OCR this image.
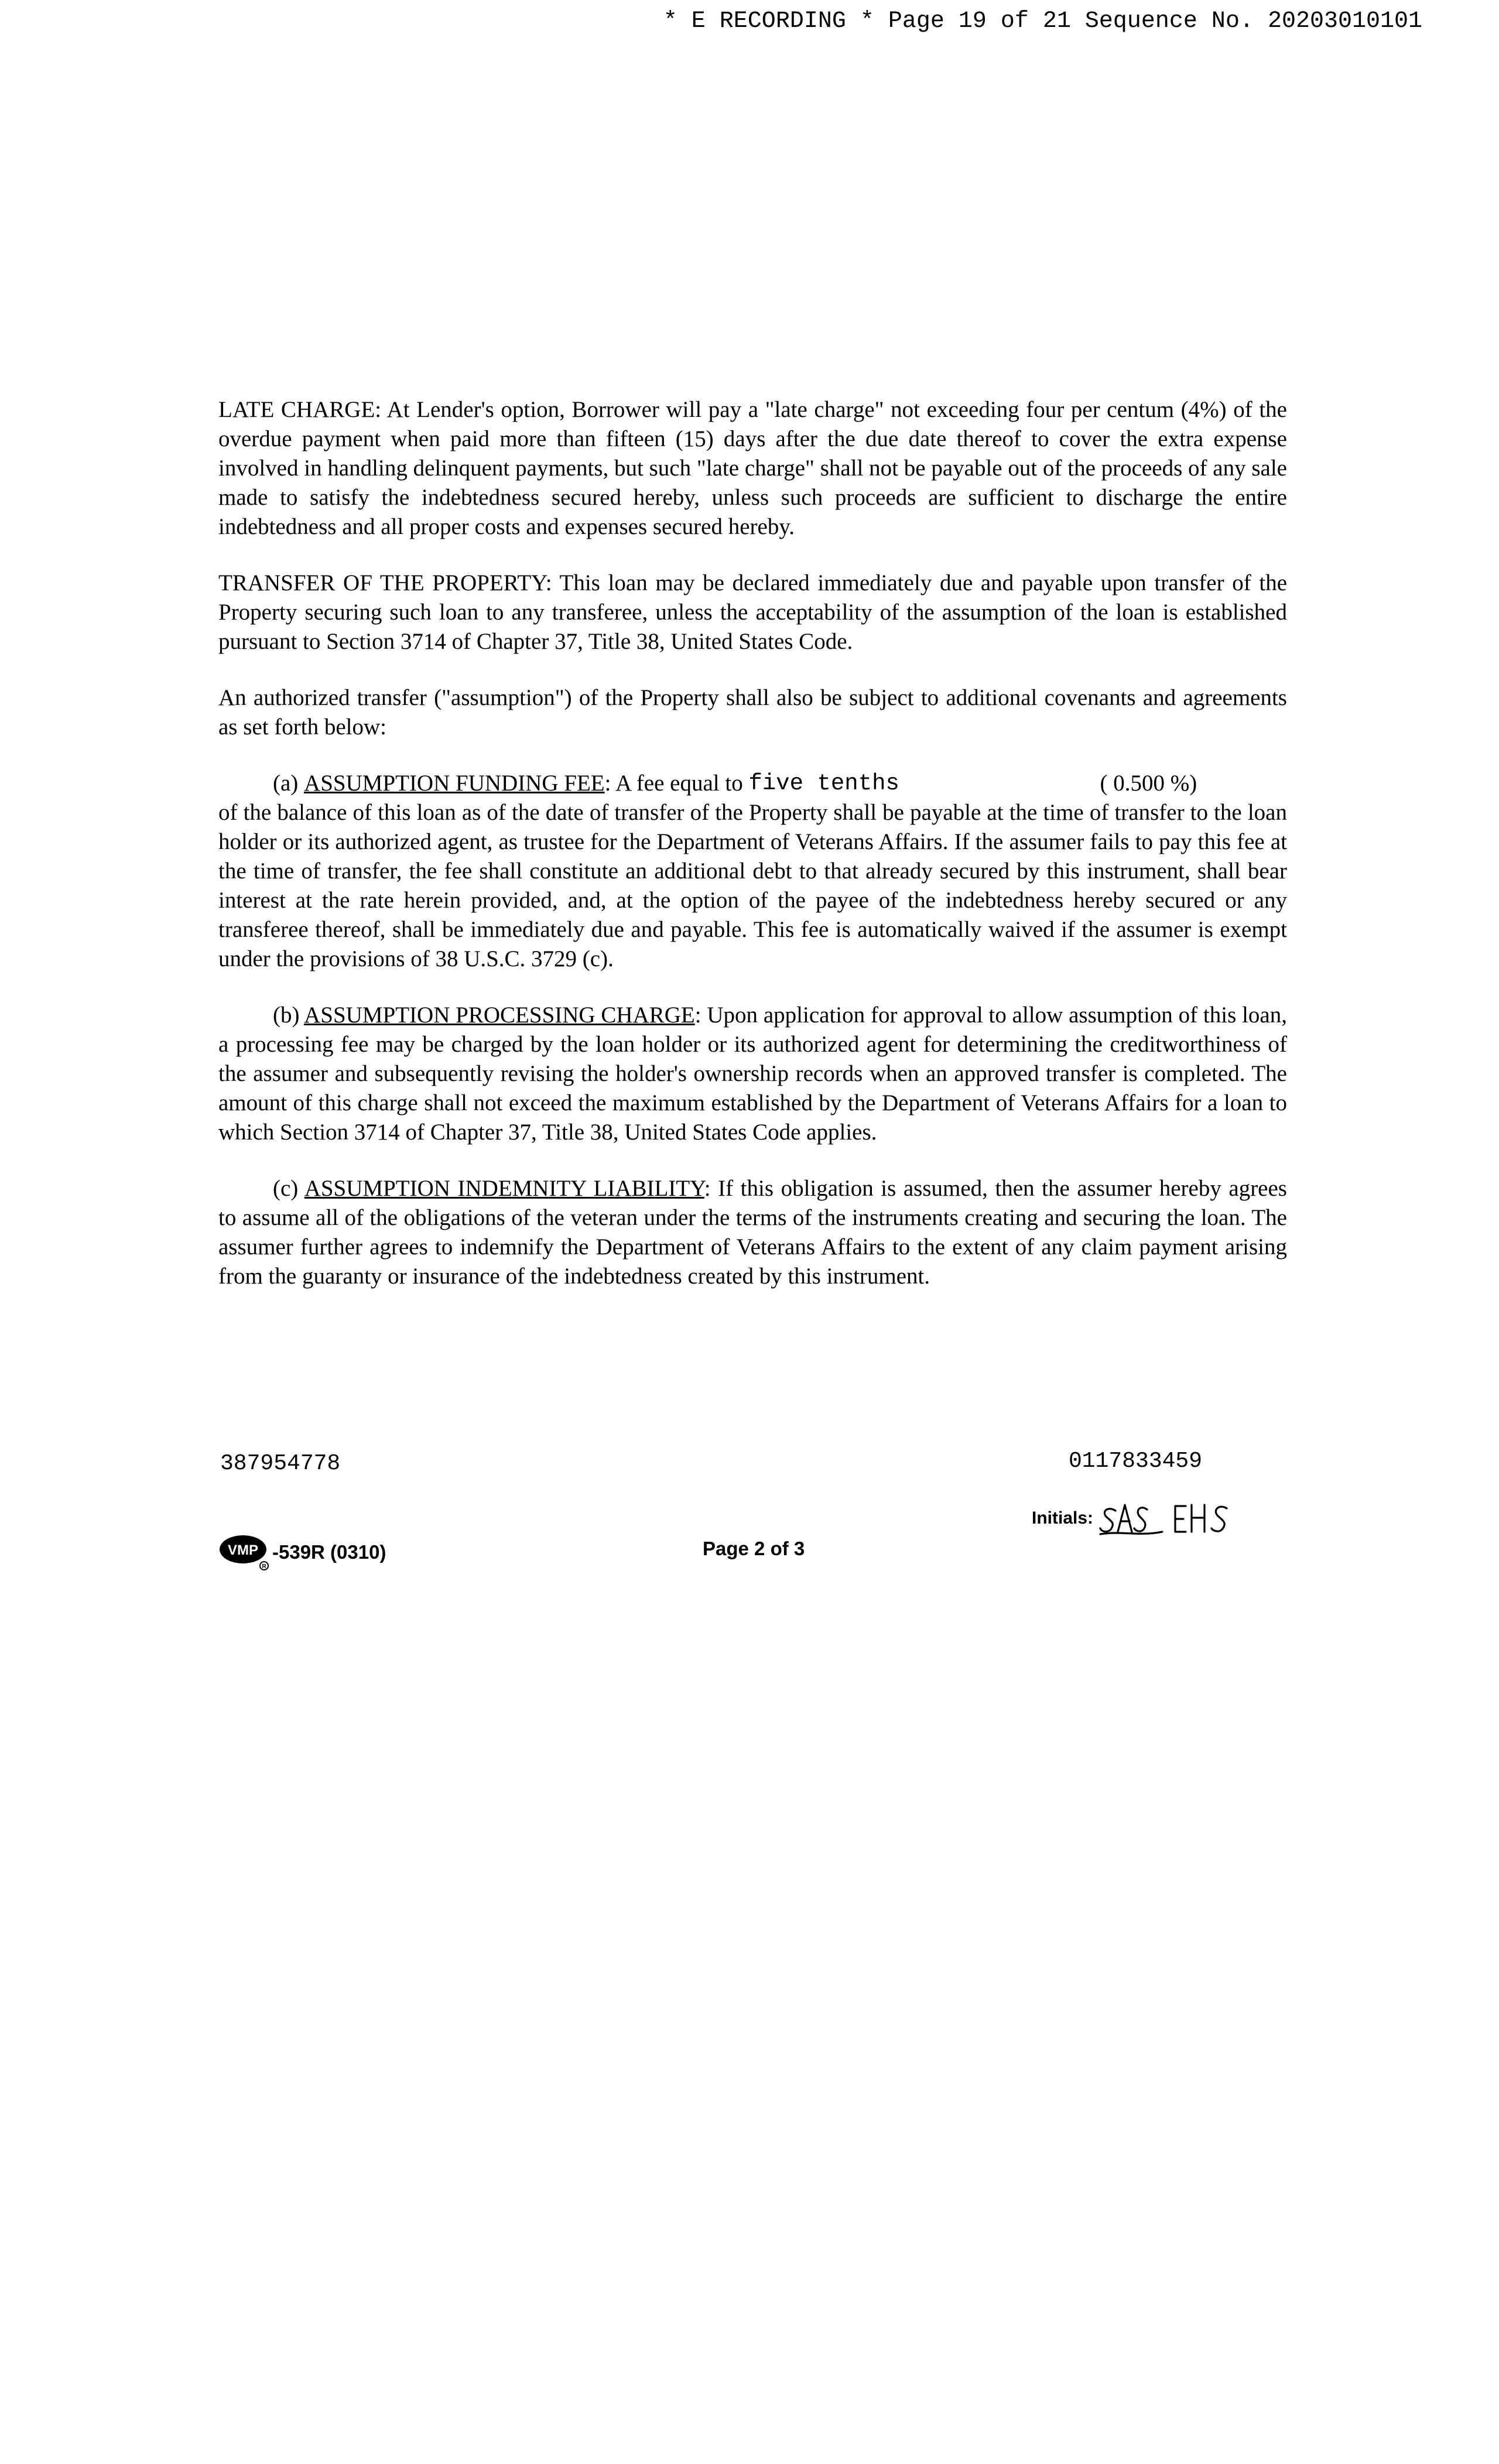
* E RECORDING * Page 19 of 21 Sequence No. 20203010101

LATE CHARGE: At Lender's option, Borrower will pay a "late charge" not exceeding four per centum (4%) of the overdue payment when paid more than fifteen (15) days after the due date thereof to cover the extra expense involved in handling delinquent payments, but such "late charge" shall not be payable out of the proceeds of any sale made to satisfy the indebtedness secured hereby, unless such proceeds are sufficient to discharge the entire indebtedness and all proper costs and expenses secured hereby.

TRANSFER OF THE PROPERTY: This loan may be declared immediately due and payable upon transfer of the Property securing such loan to any transferee, unless the acceptability of the assumption of the loan is established pursuant to Section 3714 of Chapter 37, Title 38, United States Code.

An authorized transfer ("assumption") of the Property shall also be subject to additional covenants and agreements as set forth below:

(a) ASSUMPTION FUNDING FEE : A fee equal to five tenths	( 0.500 %)
of the balance of this loan as of the date of transfer of the Property shall be payable at the time of transfer to the loan holder or its authorized agent, as trustee for the Department of Veterans Affairs. If the assumer fails to pay this fee at the time of transfer, the fee shall constitute an additional debt to that already secured by this instrument, shall bear interest at the rate herein provided, and, at the option of the payee of the indebtedness hereby secured or any transferee thereof, shall be immediately due and payable. This fee is automatically waived if the assumer is exempt under the provisions of 38 U.S.C. 3729 (c).

(b) ASSUMPTION PROCESSING CHARGE: Upon application for approval to allow assumption of this loan, a processing fee may be charged by the loan holder or its authorized agent for determining the creditworthiness of the assumer and subsequently revising the holder's ownership records when an approved transfer is completed. The amount of this charge shall not exceed the maximum established by the Department of Veterans Affairs for a loan to which Section 3714 of Chapter 37, Title 38, United States Code applies.

(c) ASSUMPTION INDEMNITY LIABILITY: If this obligation is assumed, then the assumer hereby agrees to assume all of the obligations of the veteran under the terms of the instruments creating and securing the loan. The assumer further agrees to indemnify the Department of Veterans Affairs to the extent of any claim payment arising from the guaranty or insurance of the indebtedness created by this instrument.

387954778	0117833459
Initials:
VMP
R
-539R (0310)	Page 2 of 3
